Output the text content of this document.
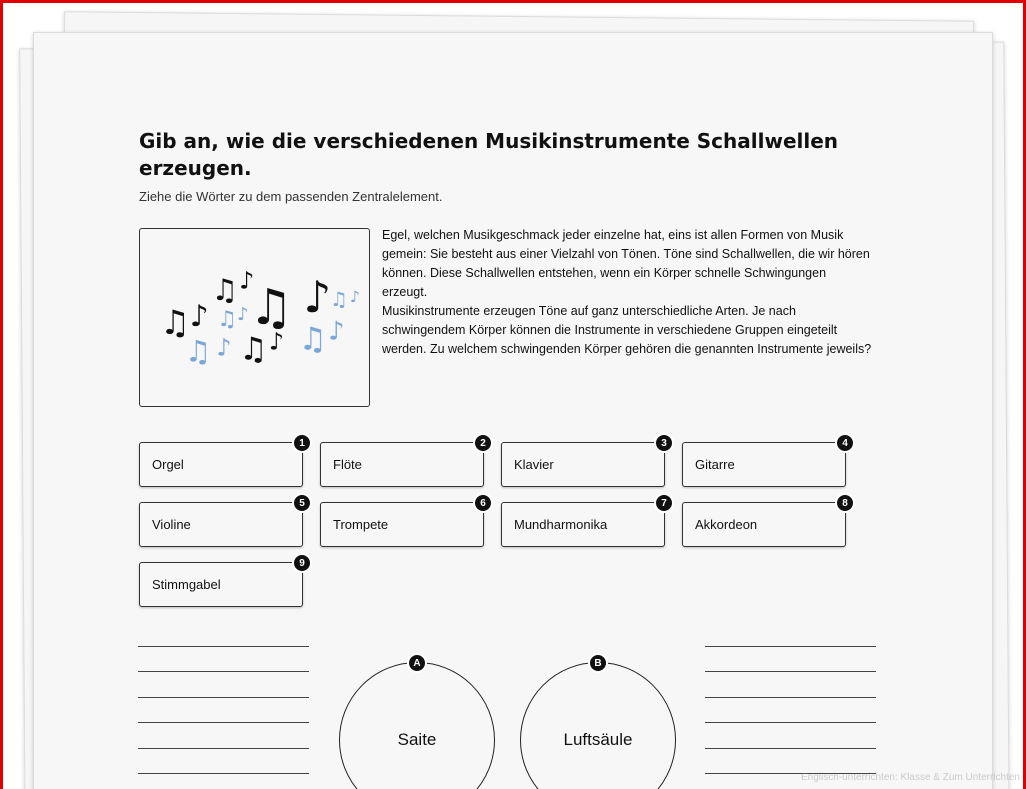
Gib an, wie die verschiedenen Musikinstrumente Schallwellen erzeugen.
Ziehe die Wörter zu dem passenden Zentralelement.
♫ ♪
♫ ♪
♫ ♪
♫ ♪
♫ ♪ ♫ ♪ ♫ ♪
♫ ♪

Egel, welchen Musikgeschmack jeder einzelne hat, eins ist allen Formen von Musik gemein: Sie besteht aus einer Vielzahl von Tönen. Töne sind Schallwellen, die wir hören können. Diese Schallwellen entstehen, wenn ein Körper schnelle Schwingungen erzeugt.

Musikinstrumente erzeugen Töne auf ganz unterschiedliche Arten. Je nach schwingendem Körper können die Instrumente in verschiedene Gruppen eingeteilt werden. Zu welchem schwingenden Körper gehören die genannten Instrumente jeweils?

Orgel
1
Flöte
2
Klavier
3
Gitarre
4
Violine
5
Trompete
6
Mundharmonika
7
Akkordeon
8
Stimmgabel
9
Saite
A
Luftsäule
B
Englisch-unterrichten: Klasse & Zum Unterrichten
